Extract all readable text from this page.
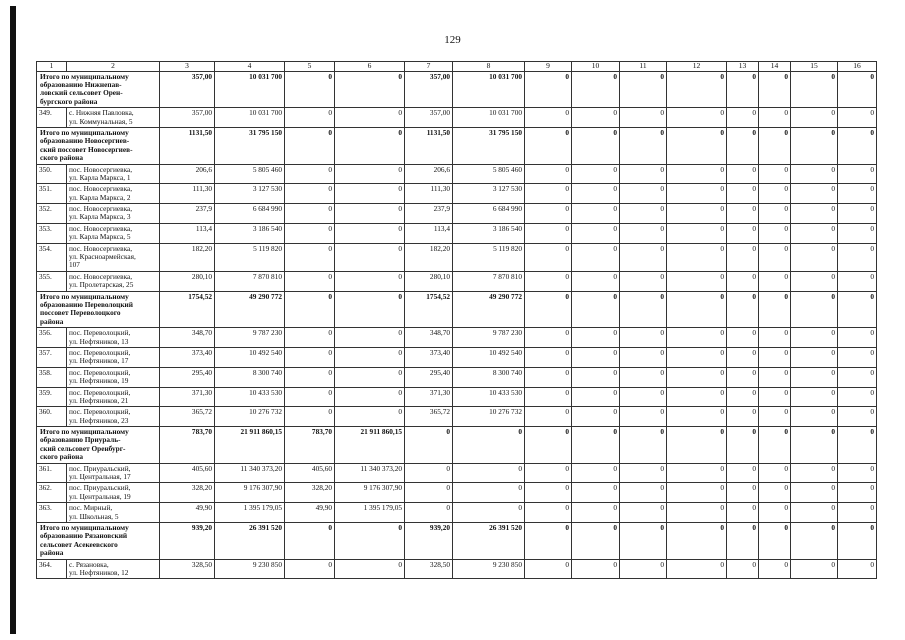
129
1	2	3	4	5	6	7	8	9	10	11	12	13	14	15	16

Итого по муниципальному
образованию Нижнепав-
ловский сельсовет Орен-
бургского района		357,00	10 031 700	0	0	357,00	10 031 700	0	0	0	0	0	0	0	0
349.	с. Нижняя Павловка,
ул. Коммунальная, 5	357,00	10 031 700	0	0	357,00	10 031 700	0	0	0	0	0	0	0	0

Итого по муниципальному
образованию Новосергиев-
ский поссовет Новосергиев-
ского района		1131,50	31 795 150	0	0	1131,50	31 795 150	0	0	0	0	0	0	0	0
350.	пос. Новосергиевка,
ул. Карла Маркса, 1	206,6	5 805 460	0	0	206,6	5 805 460	0	0	0	0	0	0	0	0
351.	пос. Новосергиевка,
ул. Карла Маркса, 2	111,30	3 127 530	0	0	111,30	3 127 530	0	0	0	0	0	0	0	0
352.	пос. Новосергиевка,
ул. Карла Маркса, 3	237,9	6 684 990	0	0	237,9	6 684 990	0	0	0	0	0	0	0	0
353.	пос. Новосергиевка,
ул. Карла Маркса, 5	113,4	3 186 540	0	0	113,4	3 186 540	0	0	0	0	0	0	0	0
354.	пос. Новосергиевка,
ул. Красноармейская,
107	182,20	5 119 820	0	0	182,20	5 119 820	0	0	0	0	0	0	0	0
355.	пос. Новосергиевка,
ул. Пролетарская, 25	280,10	7 870 810	0	0	280,10	7 870 810	0	0	0	0	0	0	0	0

Итого по муниципальному
образованию Переволоцкий
поссовет Переволоцкого
района		1754,52	49 290 772	0	0	1754,52	49 290 772	0	0	0	0	0	0	0	0
356.	пос. Переволоцкий,
ул. Нефтяников, 13	348,70	9 787 230	0	0	348,70	9 787 230	0	0	0	0	0	0	0	0
357.	пос. Переволоцкий,
ул. Нефтяников, 17	373,40	10 492 540	0	0	373,40	10 492 540	0	0	0	0	0	0	0	0
358.	пос. Переволоцкий,
ул. Нефтяников, 19	295,40	8 300 740	0	0	295,40	8 300 740	0	0	0	0	0	0	0	0
359.	пос. Переволоцкий,
ул. Нефтяников, 21	371,30	10 433 530	0	0	371,30	10 433 530	0	0	0	0	0	0	0	0
360.	пос. Переволоцкий,
ул. Нефтяников, 23	365,72	10 276 732	0	0	365,72	10 276 732	0	0	0	0	0	0	0	0

Итого по муниципальному
образованию Приураль-
ский сельсовет Оренбург-
ского района		783,70	21 911 860,15	783,70	21 911 860,15	0	0	0	0	0	0	0	0	0	0
361.	пос. Приуральский,
ул. Центральная, 17	405,60	11 340 373,20	405,60	11 340 373,20	0	0	0	0	0	0	0	0	0	0
362.	пос. Приуральский,
ул. Центральная, 19	328,20	9 176 307,90	328,20	9 176 307,90	0	0	0	0	0	0	0	0	0	0
363.	пос. Мирный,
ул. Школьная, 5	49,90	1 395 179,05	49,90	1 395 179,05	0	0	0	0	0	0	0	0	0	0

Итого по муниципальному
образованию Рязановский
сельсовет Асекеевского
района		939,20	26 391 520	0	0	939,20	26 391 520	0	0	0	0	0	0	0	0
364.	с. Рязановка,
ул. Нефтяников, 12	328,50	9 230 850	0	0	328,50	9 230 850	0	0	0	0	0	0	0	0
